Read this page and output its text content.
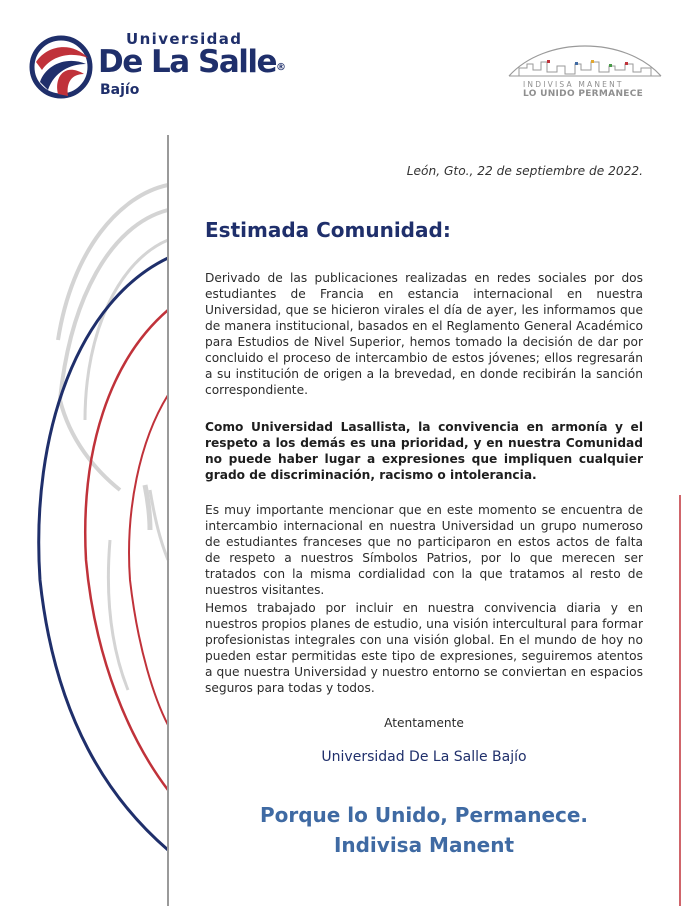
Universidad
De La Salle®
Bajío	INDIVISA MANENT
LO UNIDO PERMANECE
León, Gto., 22 de septiembre de 2022.
Estimada Comunidad:

Derivado de las publicaciones realizadas en redes sociales por dos estudiantes de Francia en estancia internacional en nuestra Universidad, que se hicieron virales el día de ayer, les informamos que de manera institucional, basados en el Reglamento General Académico para Estudios de Nivel Superior, hemos tomado la decisión de dar por concluido el proceso de intercambio de estos jóvenes; ellos regresarán a su institución de origen a la brevedad, en donde recibirán la sanción correspondiente.

Como Universidad Lasallista, la convivencia en armonía y el respeto a los demás es una prioridad, y en nuestra Comunidad no puede haber lugar a expresiones que impliquen cualquier grado de discriminación, racismo o intolerancia.

Es muy importante mencionar que en este momento se encuentra de intercambio internacional en nuestra Universidad un grupo numeroso de estudiantes franceses que no participaron en estos actos de falta de respeto a nuestros Símbolos Patrios, por lo que merecen ser tratados con la misma cordialidad con la que tratamos al resto de nuestros visitantes.

Hemos trabajado por incluir en nuestra convivencia diaria y en nuestros propios planes de estudio, una visión intercultural para formar profesionistas integrales con una visión global. En el mundo de hoy no pueden estar permitidas este tipo de expresiones, seguiremos atentos a que nuestra Universidad y nuestro entorno se conviertan en espacios seguros para todas y todos.

Atentamente
Universidad De La Salle Bajío
Porque lo Unido, Permanece.
Indivisa Manent
